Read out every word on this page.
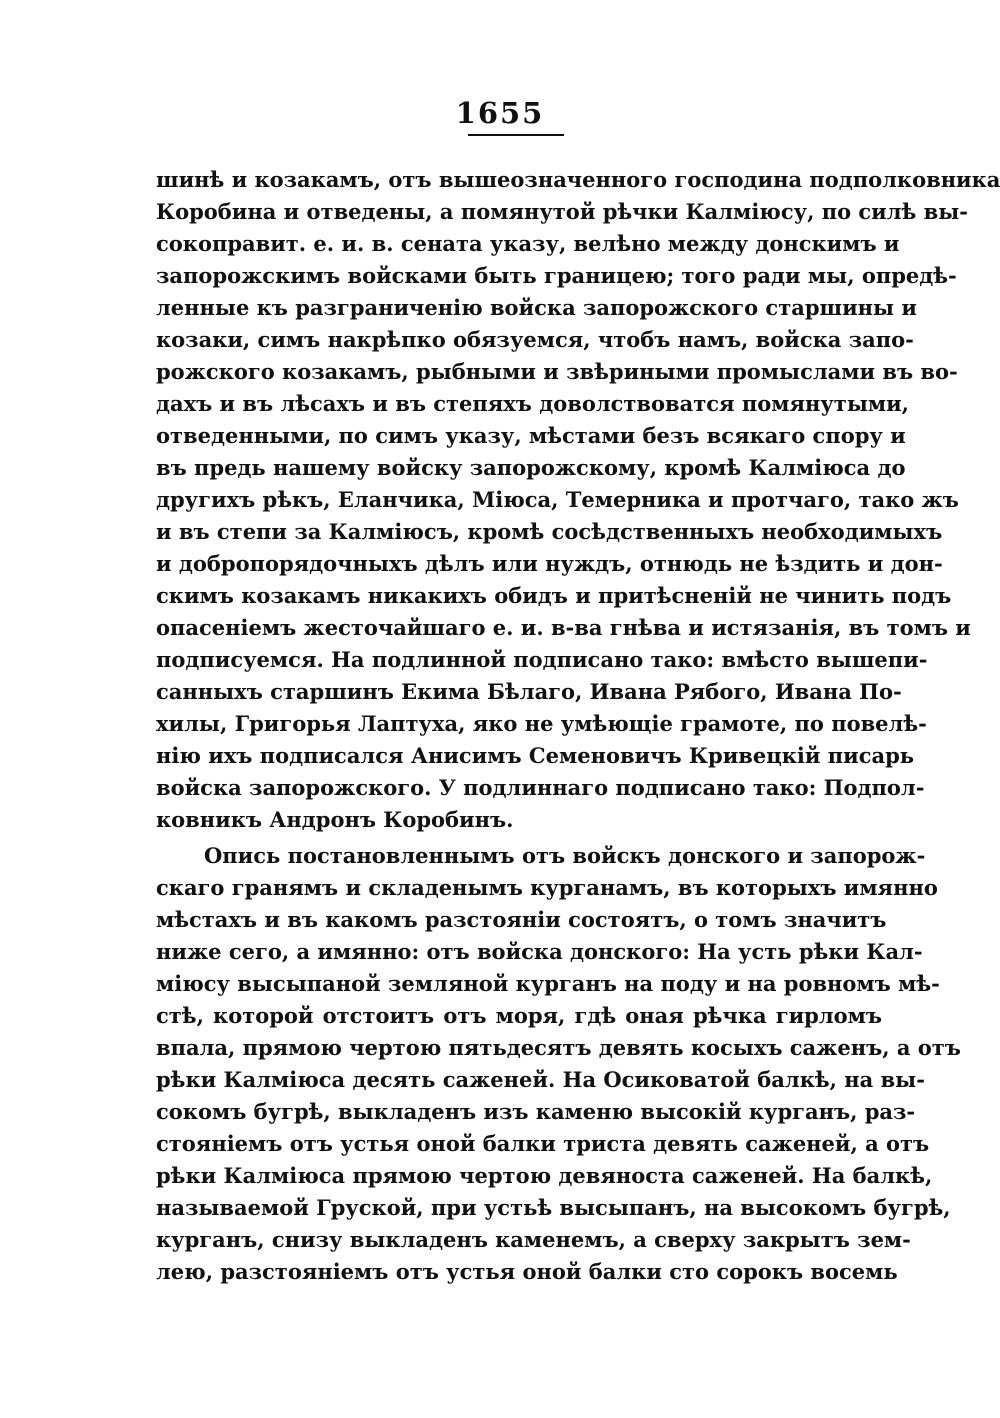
1655
шинѣ и козакамъ, отъ вышеозначенного господина подполковника
Коробина и отведены, а помянутой рѣчки Калміюсу, по силѣ вы-
сокоправит. е. и. в. сената указу, велѣно между донскимъ и
запорожскимъ войсками быть границею; того ради мы, опредѣ-
ленные къ разграниченію войска запорожского старшины и
козаки, симъ накрѣпко обязуемся, чтобъ намъ, войска запо-
рожского козакамъ, рыбными и звѣриными промыслами въ во-
дахъ и въ лѣсахъ и въ степяхъ доволствоватся помянутыми,
отведенными, по симъ указу, мѣстами безъ всякаго спору и
въ предь нашему войску запорожскому, кромѣ Калміюса до
другихъ рѣкъ, Еланчика, Міюса, Темерника и протчаго, тако жъ
и въ степи за Калміюсъ, кромѣ сосѣдственныхъ необходимыхъ
и добропорядочныхъ дѣлъ или нуждъ, отнюдь не ѣздить и дон-
скимъ козакамъ никакихъ обидъ и притѣсненій не чинить подъ
опасеніемъ жесточайшаго е. и. в-ва гнѣва и истязанія, въ томъ и
подписуемся. На подлинной подписано тако: вмѣсто вышепи-
санныхъ старшинъ Екима Бѣлаго, Ивана Рябого, Ивана По-
хилы, Григорья Лаптуха, яко не умѣющіе грамоте, по повелѣ-
нію ихъ подписался Анисимъ Семеновичъ Кривецкій писарь
войска запорожского. У подлиннаго подписано тако: Подпол-
ковникъ Андронъ Коробинъ.
Опись постановленнымъ отъ войскъ донского и запорож-
скаго гранямъ и складенымъ курганамъ, въ которыхъ имянно
мѣстахъ и въ какомъ разстояніи состоятъ, о томъ значитъ
ниже сего, а имянно: отъ войска донского: На усть рѣки Кал-
міюсу высыпаной земляной курганъ на поду и на ровномъ мѣ-
стѣ, которой отстоитъ отъ моря, гдѣ оная рѣчка гирломъ
впала, прямою чертою пятьдесятъ девять косыхъ саженъ, а отъ
рѣки Калміюса десять саженей. На Осиковатой балкѣ, на вы-
сокомъ бугрѣ, выкладенъ изъ каменю высокій курганъ, раз-
стояніемъ отъ устья оной балки триста девять саженей, а отъ
рѣки Калміюса прямою чертою девяноста саженей. На балкѣ,
называемой Груской, при устьѣ высыпанъ, на высокомъ бугрѣ,
курганъ, снизу выкладенъ каменемъ, а сверху закрытъ зем-
лею, разстояніемъ отъ устья оной балки сто сорокъ восемь
